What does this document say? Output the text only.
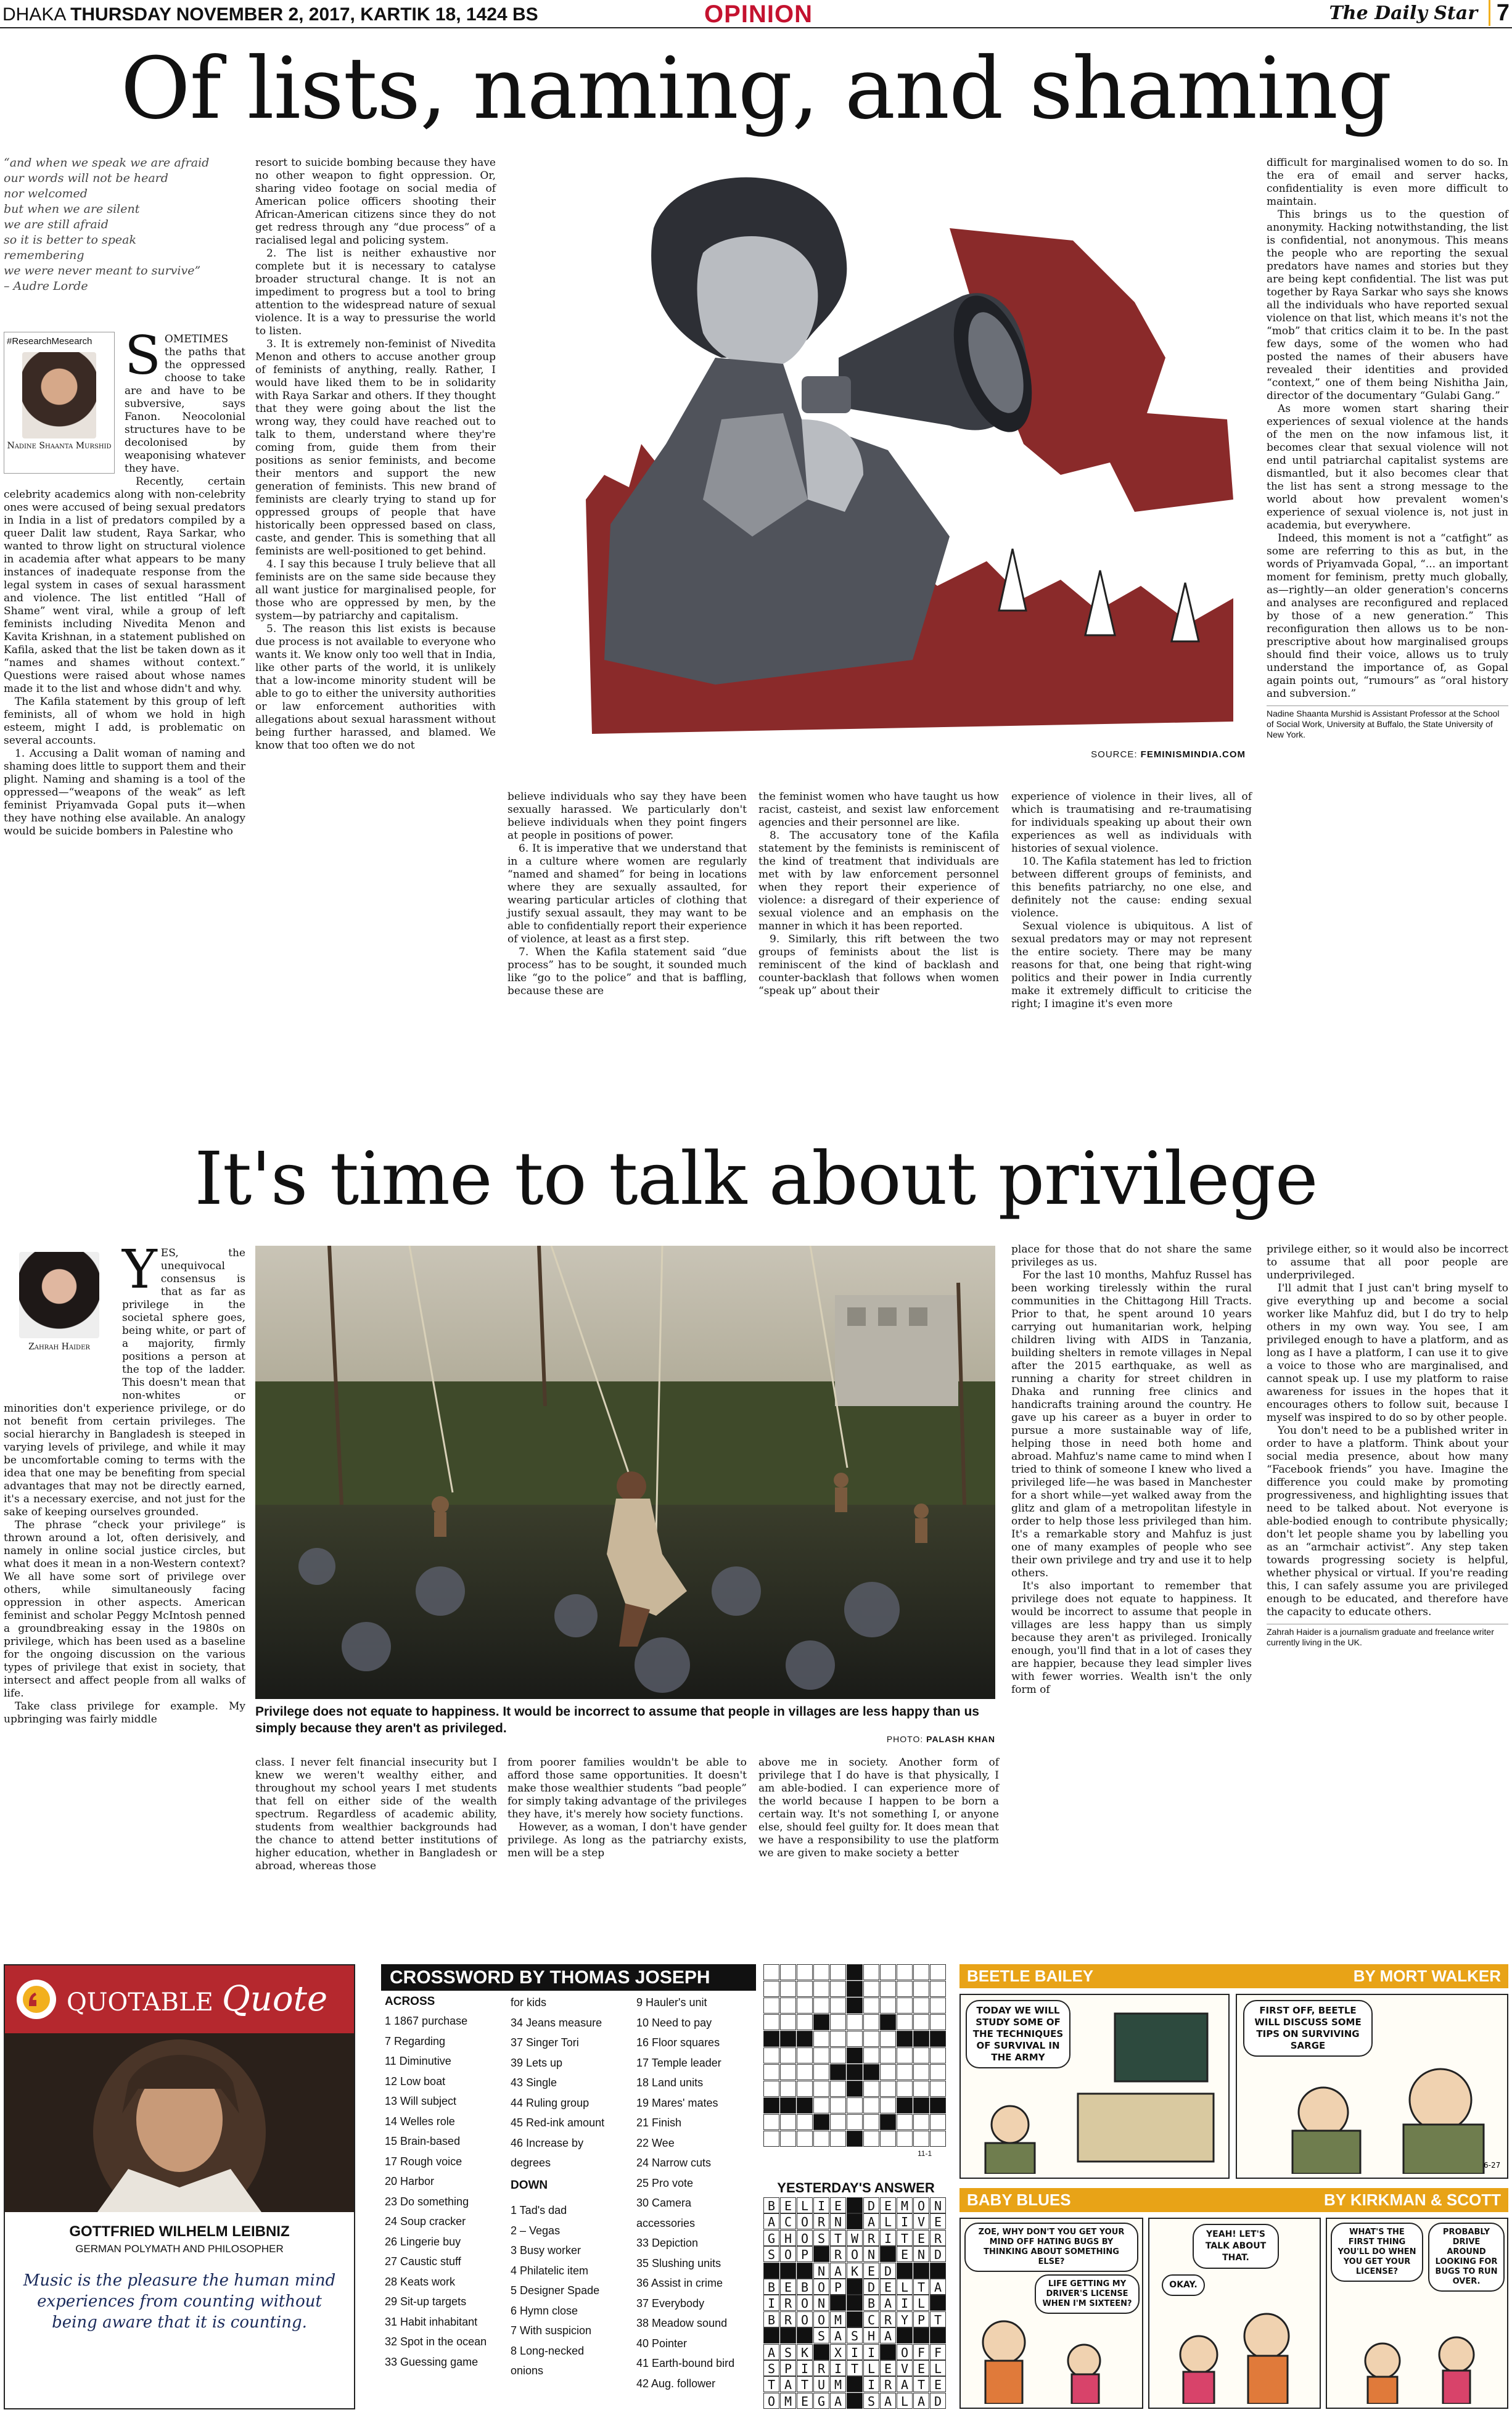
DHAKA THURSDAY NOVEMBER 2, 2017, KARTIK 18, 1424 BS	OPINION	The Daily Star 7
Of lists, naming, and shaming
“and when we speak we are afraid
our words will not be heard
nor welcomed
but when we are silent
we are still afraid
so it is better to speak
remembering
we were never meant to survive”
– Audre Lorde
#ResearchMesearch
Nadine Shaanta Murshid
S OMETIMES the paths that the oppressed choose to take are and have to be subversive, says Fanon. Neocolonial structures have to be decolonised by weaponising whatever they have.

Recently, certain celebrity academics along with non-celebrity ones were accused of being sexual predators in India in a list of predators compiled by a queer Dalit law student, Raya Sarkar, who wanted to throw light on structural violence in academia after what appears to be many instances of inadequate response from the legal system in cases of sexual harassment and violence. The list entitled “Hall of Shame” went viral, while a group of left feminists including Nivedita Menon and Kavita Krishnan, in a statement published on Kafila, asked that the list be taken down as it “names and shames without context.” Questions were raised about whose names made it to the list and whose didn't and why.

The Kafila statement by this group of left feminists, all of whom we hold in high esteem, might I add, is problematic on several accounts.

1. Accusing a Dalit woman of naming and shaming does little to support them and their plight. Naming and shaming is a tool of the oppressed—“weapons of the weak” as left feminist Priyamvada Gopal puts it—when they have nothing else available. An analogy would be suicide bombers in Palestine who

resort to suicide bombing because they have no other weapon to fight oppression. Or, sharing video footage on social media of American police officers shooting their African-American citizens since they do not get redress through any “due process” of a racialised legal and policing system.

2. The list is neither exhaustive nor complete but it is necessary to catalyse broader structural change. It is not an impediment to progress but a tool to bring attention to the widespread nature of sexual violence. It is a way to pressurise the world to listen.

3. It is extremely non-feminist of Nivedita Menon and others to accuse another group of feminists of anything, really. Rather, I would have liked them to be in solidarity with Raya Sarkar and others. If they thought that they were going about the list the wrong way, they could have reached out to talk to them, understand where they're coming from, guide them from their positions as senior feminists, and become their mentors and support the new generation of feminists. This new brand of feminists are clearly trying to stand up for oppressed groups of people that have historically been oppressed based on class, caste, and gender. This is something that all feminists are well-positioned to get behind.

4. I say this because I truly believe that all feminists are on the same side because they all want justice for marginalised people, for those who are oppressed by men, by the system—by patriarchy and capitalism.

5. The reason this list exists is because due process is not available to everyone who wants it. We know only too well that in India, like other parts of the world, it is unlikely that a low-income minority student will be able to go to either the university authorities or law enforcement authorities with allegations about sexual harassment without being further harassed, and blamed. We know that too often we do not

SOURCE: FEMINISMINDIA.COM

believe individuals who say they have been sexually harassed. We particularly don't believe individuals when they point fingers at people in positions of power.

6. It is imperative that we understand that in a culture where women are regularly “named and shamed” for being in locations where they are sexually assaulted, for wearing particular articles of clothing that justify sexual assault, they may want to be able to confidentially report their experience of violence, at least as a first step.

7. When the Kafila statement said “due process” has to be sought, it sounded much like “go to the police” and that is baffling, because these are

the feminist women who have taught us how racist, casteist, and sexist law enforcement agencies and their personnel are like.

8. The accusatory tone of the Kafila statement by the feminists is reminiscent of the kind of treatment that individuals are met with by law enforcement personnel when they report their experience of violence: a disregard of their experience of sexual violence and an emphasis on the manner in which it has been reported.

9. Similarly, this rift between the two groups of feminists about the list is reminiscent of the kind of backlash and counter-backlash that follows when women “speak up” about their

experience of violence in their lives, all of which is traumatising and re-traumatising for individuals speaking up about their own experiences as well as individuals with histories of sexual violence.

10. The Kafila statement has led to friction between different groups of feminists, and this benefits patriarchy, no one else, and definitely not the cause: ending sexual violence.

Sexual violence is ubiquitous. A list of sexual predators may or may not represent the entire society. There may be many reasons for that, one being that right-wing politics and their power in India currently make it extremely difficult to criticise the right; I imagine it's even more

difficult for marginalised women to do so. In the era of email and server hacks, confidentiality is even more difficult to maintain.

This brings us to the question of anonymity. Hacking notwithstanding, the list is confidential, not anonymous. This means the people who are reporting the sexual predators have names and stories but they are being kept confidential. The list was put together by Raya Sarkar who says she knows all the individuals who have reported sexual violence on that list, which means it's not the “mob” that critics claim it to be. In the past few days, some of the women who had posted the names of their abusers have revealed their identities and provided “context,” one of them being Nishitha Jain, director of the documentary “Gulabi Gang.”

As more women start sharing their experiences of sexual violence at the hands of the men on the now infamous list, it becomes clear that sexual violence will not end until patriarchal capitalist systems are dismantled, but it also becomes clear that the list has sent a strong message to the world about how prevalent women's experience of sexual violence is, not just in academia, but everywhere.

Indeed, this moment is not a “catfight” as some are referring to this as but, in the words of Priyamvada Gopal, “... an important moment for feminism, pretty much globally, as—rightly—an older generation's concerns and analyses are reconfigured and replaced by those of a new generation.” This reconfiguration then allows us to be non-prescriptive about how marginalised groups should find their voice, allows us to truly understand the importance of, as Gopal again points out, “rumours” as “oral history and subversion.”

Nadine Shaanta Murshid is Assistant Professor at the School of Social Work, University at Buffalo, the State University of New York.
It's time to talk about privilege
Zahrah Haider
Y ES, the unequivocal consensus is that as far as privilege in the societal sphere goes, being white, or part of a majority, firmly positions a person at the top of the ladder. This doesn't mean that non-whites or minorities don't experience privilege, or do not benefit from certain privileges. The social hierarchy in Bangladesh is steeped in varying levels of privilege, and while it may be uncomfortable coming to terms with the idea that one may be benefiting from special advantages that may not be directly earned, it's a necessary exercise, and not just for the sake of keeping ourselves grounded.

The phrase “check your privilege” is thrown around a lot, often derisively, and namely in online social justice circles, but what does it mean in a non-Western context? We all have some sort of privilege over others, while simultaneously facing oppression in other aspects. American feminist and scholar Peggy McIntosh penned a groundbreaking essay in the 1980s on privilege, which has been used as a baseline for the ongoing discussion on the various types of privilege that exist in society, that intersect and affect people from all walks of life.

Take class privilege for example. My upbringing was fairly middle

Privilege does not equate to happiness. It would be incorrect to assume that people in villages are less happy than us simply because they aren't as privileged.
PHOTO: PALASH KHAN

class. I never felt financial insecurity but I knew we weren't wealthy either, and throughout my school years I met students that fell on either side of the wealth spectrum. Regardless of academic ability, students from wealthier backgrounds had the chance to attend better institutions of higher education, whether in Bangladesh or abroad, whereas those

from poorer families wouldn't be able to afford those same opportunities. It doesn't make those wealthier students “bad people” for simply taking advantage of the privileges they have, it's merely how society functions.

However, as a woman, I don't have gender privilege. As long as the patriarchy exists, men will be a step

above me in society. Another form of privilege that I do have is that physically, I am able-bodied. I can experience more of the world because I happen to be born a certain way. It's not something I, or anyone else, should feel guilty for. It does mean that we have a responsibility to use the platform we are given to make society a better

place for those that do not share the same privileges as us.

For the last 10 months, Mahfuz Russel has been working tirelessly within the rural communities in the Chittagong Hill Tracts. Prior to that, he spent around 10 years carrying out humanitarian work, helping children living with AIDS in Tanzania, building shelters in remote villages in Nepal after the 2015 earthquake, as well as running a charity for street children in Dhaka and running free clinics and handicrafts training around the country. He gave up his career as a buyer in order to pursue a more sustainable way of life, helping those in need both home and abroad. Mahfuz's name came to mind when I tried to think of someone I knew who lived a privileged life—he was based in Manchester for a short while—yet walked away from the glitz and glam of a metropolitan lifestyle in order to help those less privileged than him. It's a remarkable story and Mahfuz is just one of many examples of people who see their own privilege and try and use it to help others.

It's also important to remember that privilege does not equate to happiness. It would be incorrect to assume that people in villages are less happy than us simply because they aren't as privileged. Ironically enough, you'll find that in a lot of cases they are happier, because they lead simpler lives with fewer worries. Wealth isn't the only form of

privilege either, so it would also be incorrect to assume that all poor people are underprivileged.

I'll admit that I just can't bring myself to give everything up and become a social worker like Mahfuz did, but I do try to help others in my own way. You see, I am privileged enough to have a platform, and as long as I have a platform, I can use it to give a voice to those who are marginalised, and cannot speak up. I use my platform to raise awareness for issues in the hopes that it encourages others to follow suit, because I myself was inspired to do so by other people.

You don't need to be a published writer in order to have a platform. Think about your social media presence, about how many “Facebook friends” you have. Imagine the difference you could make by promoting progressiveness, and highlighting issues that need to be talked about. Not everyone is able-bodied enough to contribute physically; don't let people shame you by labelling you as an “armchair activist”. Any step taken towards progressing society is helpful, whether physical or virtual. If you're reading this, I can safely assume you are privileged enough to be educated, and therefore have the capacity to educate others.

Zahrah Haider is a journalism graduate and freelance writer currently living in the UK.
QUOTABLE Quote
GOTTFRIED WILHELM LEIBNIZ
GERMAN POLYMATH AND PHILOSOPHER
Music is the pleasure the human mind experiences from counting without being aware that it is counting.
CROSSWORD BY THOMAS JOSEPH
ACROSS
1 1867 purchase
7 Regarding
11 Diminutive
12 Low boat
13 Will subject
14 Welles role
15 Brain-based
17 Rough voice
20 Harbor
23 Do something
24 Soup cracker
26 Lingerie buy
27 Caustic stuff
28 Keats work
29 Sit-up targets
31 Habit inhabitant
32 Spot in the ocean
33 Guessing game
for kids
34 Jeans measure
37 Singer Tori
39 Lets up
43 Single
44 Ruling group
45 Red-ink amount
46 Increase by
degrees
DOWN
1 Tad's dad
2 – Vegas
3 Busy worker
4 Philatelic item
5 Designer Spade
6 Hymn close
7 With suspicion
8 Long-necked
onions
9 Hauler's unit
10 Need to pay
16 Floor squares
17 Temple leader
18 Land units
19 Mares' mates
21 Finish
22 Wee
24 Narrow cuts
25 Pro vote
30 Camera
accessories
33 Depiction
35 Slushing units
36 Assist in crime
37 Everybody
38 Meadow sound
40 Pointer
41 Earth-bound bird
42 Aug. follower
11-1
YESTERDAY'S ANSWER
B E L I E	D E M O N
A C O R N	A L I V E
G H O S T W R I T E R
S O P	R O N	E N D
N A K E D
B E B O P	D E L T A
I R O N	B A I L
B R O O M	C R Y P T
S A S H A
A S K	X I I	O F F
S P I R I T L E V E L
T A T U M	I R A T E
O M E G A	S A L A D
BEETLE BAILEY	BY MORT WALKER
TODAY WE WILL STUDY SOME OF THE TECHNIQUES OF SURVIVAL IN THE ARMY
FIRST OFF, BEETLE WILL DISCUSS SOME TIPS ON SURVIVING SARGE
6-27
BABY BLUES	BY KIRKMAN & SCOTT
ZOE, WHY DON'T YOU GET YOUR MIND OFF HATING BUGS BY THINKING ABOUT SOMETHING ELSE?
LIFE GETTING MY DRIVER'S LICENSE WHEN I'M SIXTEEN?
YEAH! LET'S TALK ABOUT THAT.
OKAY.
WHAT'S THE FIRST THING YOU'LL DO WHEN YOU GET YOUR LICENSE?
PROBABLY DRIVE AROUND LOOKING FOR BUGS TO RUN OVER.
